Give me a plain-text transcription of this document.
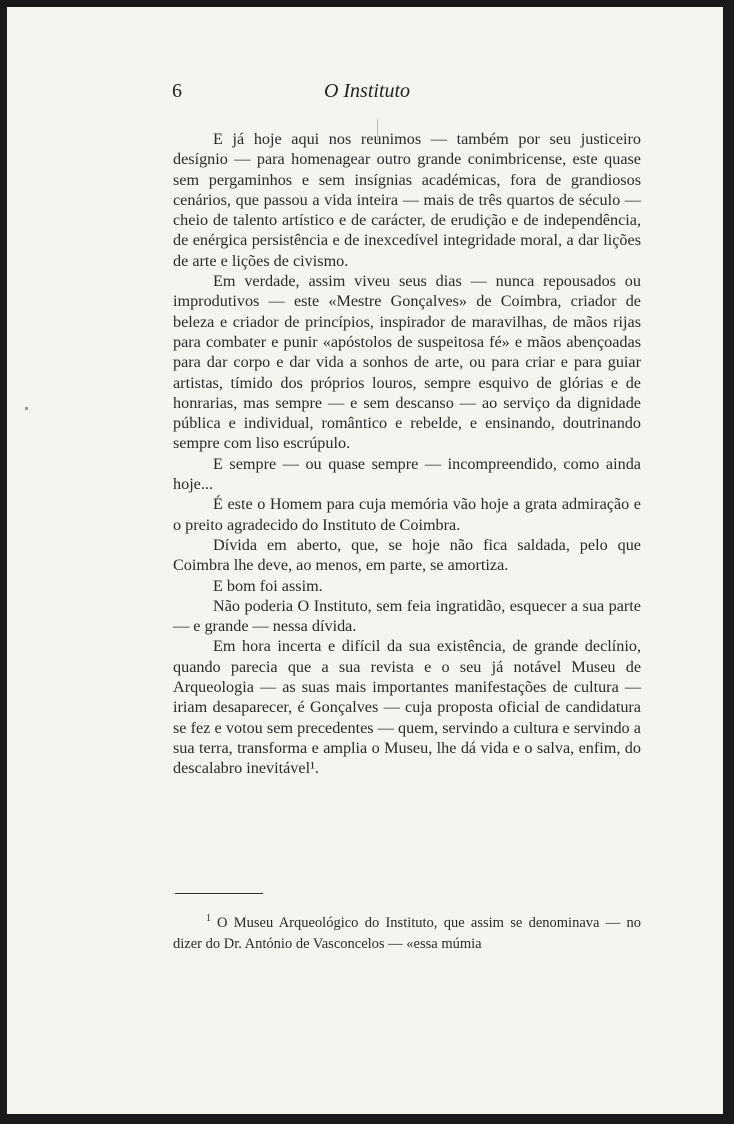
6	O Instituto

E já hoje aqui nos reunimos — também por seu justiceiro desígnio — para homenagear outro grande conimbricense, este quase sem pergaminhos e sem insígnias académicas, fora de grandiosos cenários, que passou a vida inteira — mais de três quartos de século — cheio de talento artístico e de carácter, de erudição e de independência, de enérgica persistência e de inexcedível integridade moral, a dar lições de arte e lições de civismo.

Em verdade, assim viveu seus dias — nunca repousados ou improdutivos — este «Mestre Gonçalves» de Coimbra, criador de beleza e criador de princípios, inspirador de maravilhas, de mãos rijas para combater e punir «apóstolos de suspeitosa fé» e mãos abençoadas para dar corpo e dar vida a sonhos de arte, ou para criar e para guiar artistas, tímido dos próprios louros, sempre esquivo de glórias e de honrarias, mas sempre — e sem descanso — ao serviço da dignidade pública e individual, romântico e rebelde, e ensinando, doutrinando sempre com liso escrúpulo.

E sempre — ou quase sempre — incompreendido, como ainda hoje...

É este o Homem para cuja memória vão hoje a grata admiração e o preito agradecido do Instituto de Coimbra.

Dívida em aberto, que, se hoje não fica saldada, pelo que Coimbra lhe deve, ao menos, em parte, se amortiza.

E bom foi assim.

Não poderia O Instituto, sem feia ingratidão, esquecer a sua parte — e grande — nessa dívida.

Em hora incerta e difícil da sua existência, de grande declínio, quando parecia que a sua revista e o seu já notável Museu de Arqueologia — as suas mais importantes manifestações de cultura — iriam desaparecer, é Gonçalves — cuja proposta oficial de candidatura se fez e votou sem precedentes — quem, servindo a cultura e servindo a sua terra, transforma e amplia o Museu, lhe dá vida e o salva, enfim, do descalabro inevitável¹.

$^1$ O Museu Arqueológico do Instituto, que assim se denominava — no dizer do Dr. António de Vasconcelos — «essa múmia
